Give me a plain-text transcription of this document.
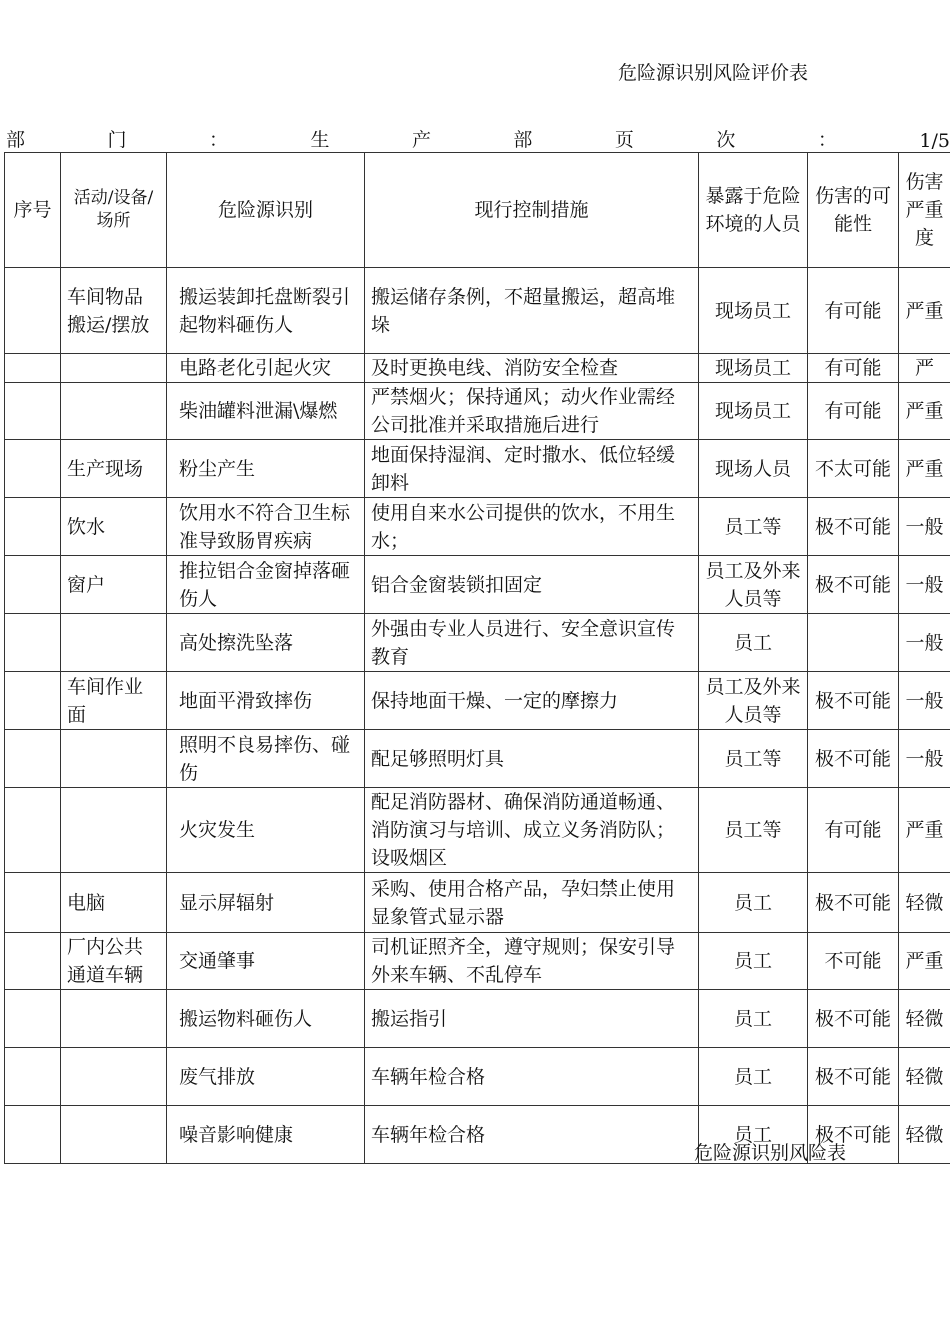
危险源识别风险评价表
部	门	：	生	产	部	页	次	：	1/5
序号	活动/设备/场所	危险源识别	现行控制措施	暴露于危险环境的人员	伤害的可能性	伤害严重度
	车间物品搬运/摆放	搬运装卸托盘断裂引起物料砸伤人	搬运储存条例，不超量搬运，超高堆垛	现场员工	有可能	严重
		电路老化引起火灾	及时更换电线、消防安全检查	现场员工	有可能	严
		柴油罐料泄漏\爆燃	严禁烟火；保持通风；动火作业需经公司批准并采取措施后进行	现场员工	有可能	严重
	生产现场	粉尘产生	地面保持湿润、定时撒水、低位轻缓卸料	现场人员	不太可能	严重
	饮水	饮用水不符合卫生标准导致肠胃疾病	使用自来水公司提供的饮水，不用生水；	员工等	极不可能	一般
	窗户	推拉铝合金窗掉落砸伤人	铝合金窗装锁扣固定	员工及外来人员等	极不可能	一般
		高处擦洗坠落	外强由专业人员进行、安全意识宣传教育	员工		一般
	车间作业面	地面平滑致摔伤	保持地面干燥、一定的摩擦力	员工及外来人员等	极不可能	一般
		照明不良易摔伤、碰伤	配足够照明灯具	员工等	极不可能	一般
		火灾发生	配足消防器材、确保消防通道畅通、消防演习与培训、成立义务消防队；设吸烟区	员工等	有可能	严重
	电脑	显示屏辐射	采购、使用合格产品，孕妇禁止使用显象管式显示器	员工	极不可能	轻微
	厂内公共通道车辆	交通肇事	司机证照齐全，遵守规则；保安引导外来车辆、不乱停车	员工	不可能	严重
		搬运物料砸伤人	搬运指引	员工	极不可能	轻微
		废气排放	车辆年检合格	员工	极不可能	轻微
		噪音影响健康	车辆年检合格	员工	极不可能	轻微
危险源识别风险表
